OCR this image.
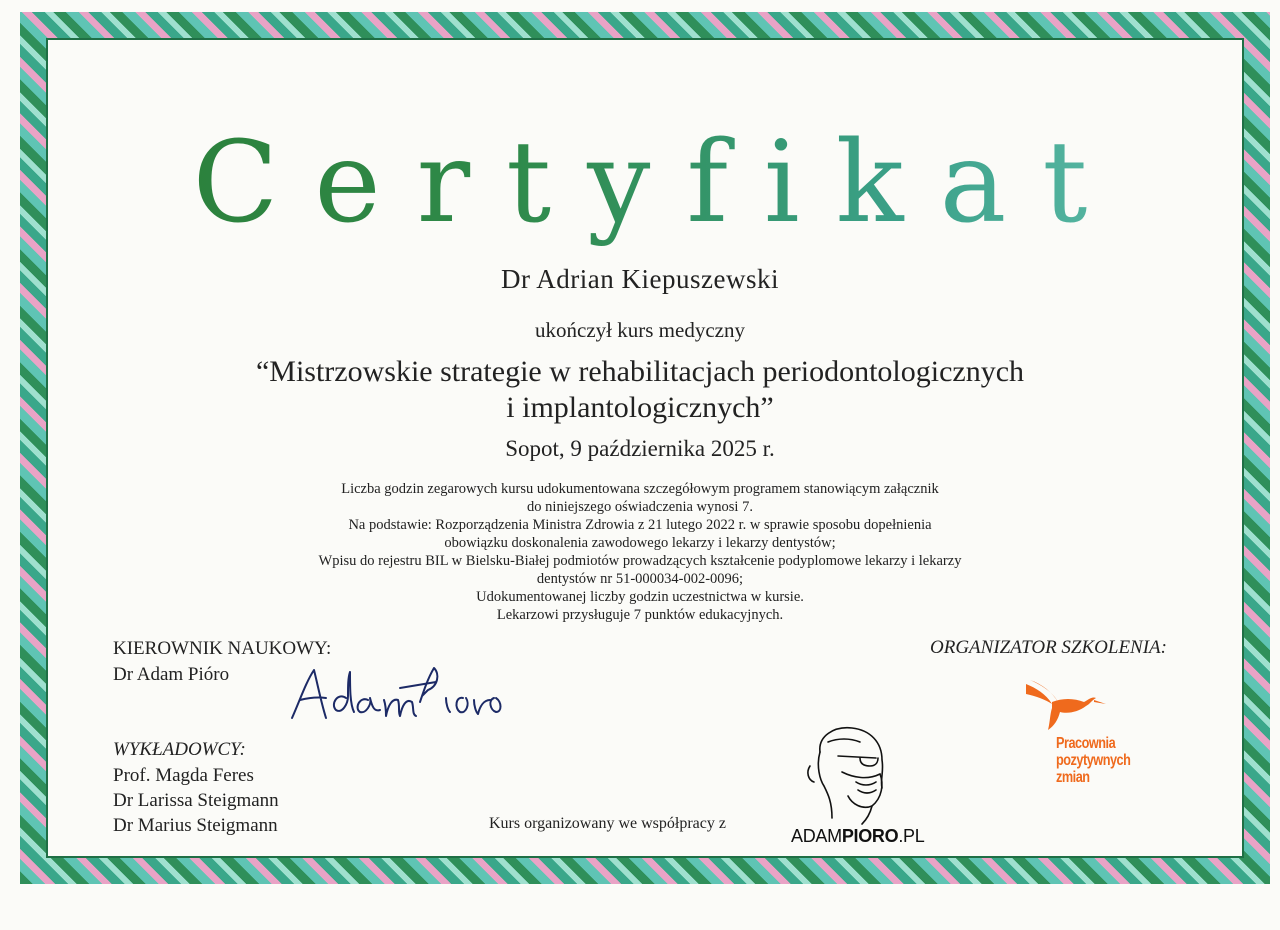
Certyfikat
Dr Adrian Kiepuszewski
ukończył kurs medyczny
“Mistrzowskie strategie w rehabilitacjach periodontologicznych
i implantologicznych”
Sopot, 9 października 2025 r.
Liczba godzin zegarowych kursu udokumentowana szczegółowym programem stanowiącym załącznik
do niniejszego oświadczenia wynosi 7.
Na podstawie: Rozporządzenia Ministra Zdrowia z 21 lutego 2022 r. w sprawie sposobu dopełnienia
obowiązku doskonalenia zawodowego lekarzy i lekarzy dentystów;
Wpisu do rejestru BIL w Bielsku-Białej podmiotów prowadzących kształcenie podyplomowe lekarzy i lekarzy
dentystów nr 51-000034-002-0096;
Udokumentowanej liczby godzin uczestnictwa w kursie.
Lekarzowi przysługuje 7 punktów edukacyjnych.
KIEROWNIK NAUKOWY:
Dr Adam Pióro
ORGANIZATOR SZKOLENIA:
WYKŁADOWCY:
Prof. Magda Feres
Dr Larissa Steigmann
Dr Marius Steigmann	Kurs organizowany we współpracy z
ADAMPIORO.PL
Pracownia
pozytywnych
zmian
